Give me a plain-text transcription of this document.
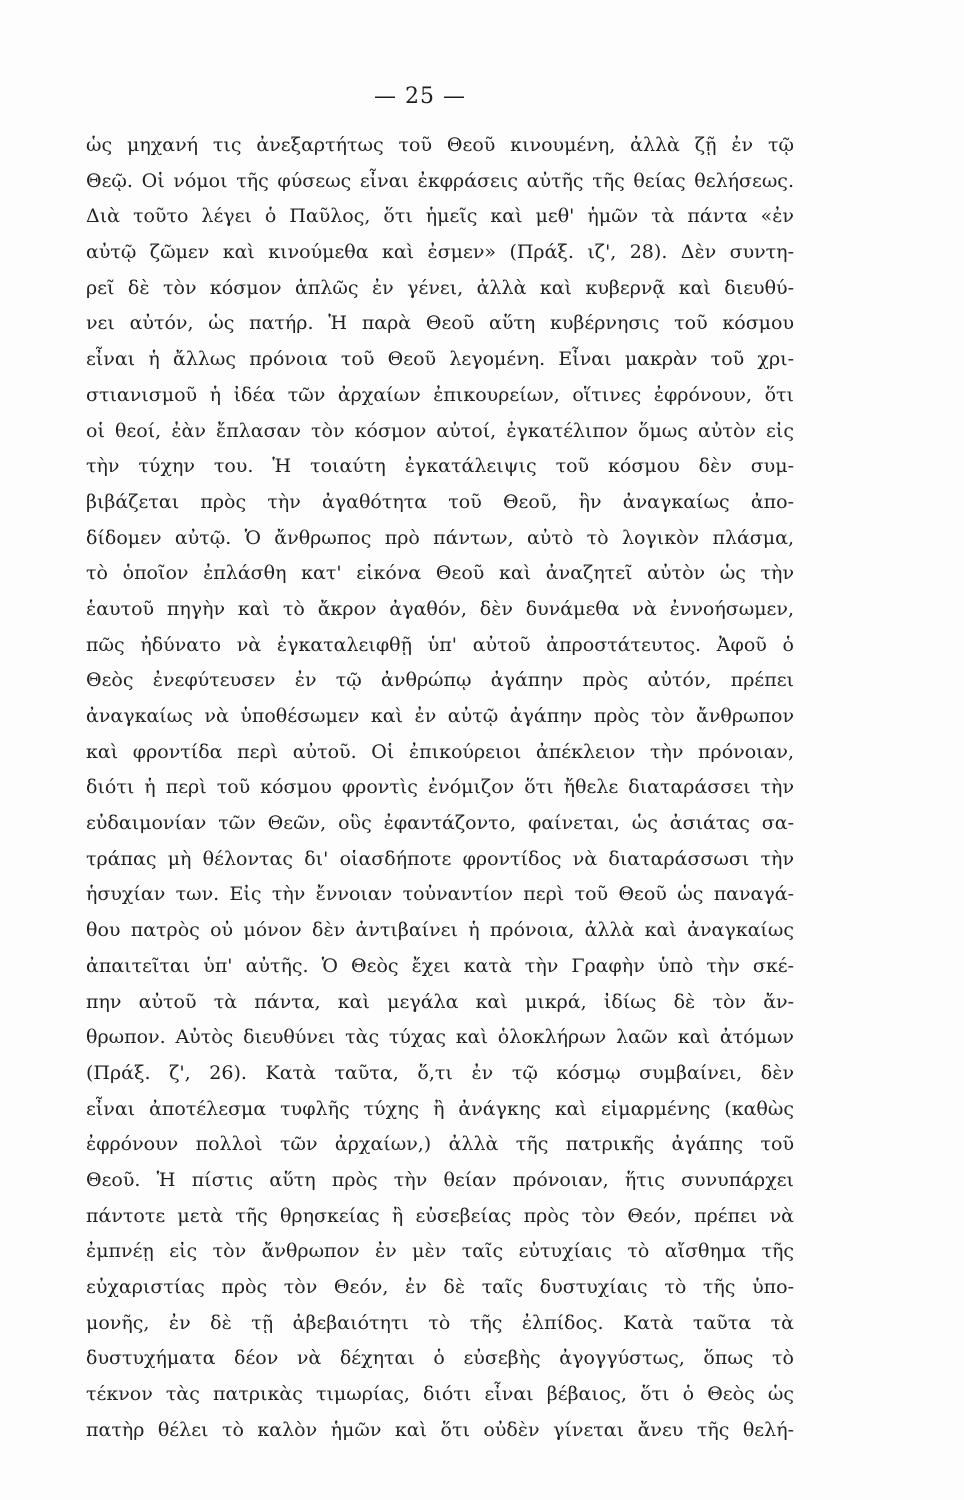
— 25 —
ὡς μηχανή τις ἀνεξαρτήτως τοῦ Θεοῦ κινουμένη, ἀλλὰ ζῇ ἐν τῷ
Θεῷ. Οἱ νόμοι τῆς φύσεως εἶναι ἐκφράσεις αὐτῆς τῆς θείας θελήσεως.
Διὰ τοῦτο λέγει ὁ Παῦλος, ὅτι ἡμεῖς καὶ μεθ' ἡμῶν τὰ πάντα «ἐν
αὐτῷ ζῶμεν καὶ κινούμεθα καὶ ἐσμεν» (Πράξ. ιζ', 28). Δὲν συντη-
ρεῖ δὲ τὸν κόσμον ἁπλῶς ἐν γένει, ἀλλὰ καὶ κυβερνᾷ καὶ διευθύ-
νει αὐτόν, ὡς πατήρ. Ἡ παρὰ Θεοῦ αὕτη κυβέρνησις τοῦ κόσμου
εἶναι ἡ ἄλλως πρόνοια τοῦ Θεοῦ λεγομένη. Εἶναι μακρὰν τοῦ χρι-
στιανισμοῦ ἡ ἰδέα τῶν ἀρχαίων ἐπικουρείων, οἵτινες ἐφρόνουν, ὅτι
οἱ θεοί, ἐὰν ἔπλασαν τὸν κόσμον αὐτοί, ἐγκατέλιπον ὅμως αὐτὸν εἰς
τὴν τύχην του. Ἡ τοιαύτη ἐγκατάλειψις τοῦ κόσμου δὲν συμ-
βιβάζεται πρὸς τὴν ἀγαθότητα τοῦ Θεοῦ, ἣν ἀναγκαίως ἀπο-
δίδομεν αὐτῷ. Ὁ ἄνθρωπος πρὸ πάντων, αὐτὸ τὸ λογικὸν πλάσμα,
τὸ ὁποῖον ἐπλάσθη κατ' εἰκόνα Θεοῦ καὶ ἀναζητεῖ αὐτὸν ὡς τὴν
ἑαυτοῦ πηγὴν καὶ τὸ ἄκρον ἀγαθόν, δὲν δυνάμεθα νὰ ἐννοήσωμεν,
πῶς ἠδύνατο νὰ ἐγκαταλειφθῇ ὑπ' αὐτοῦ ἀπροστάτευτος. Ἀφοῦ ὁ
Θεὸς ἐνεφύτευσεν ἐν τῷ ἀνθρώπῳ ἀγάπην πρὸς αὐτόν, πρέπει
ἀναγκαίως νὰ ὑποθέσωμεν καὶ ἐν αὐτῷ ἀγάπην πρὸς τὸν ἄνθρωπον
καὶ φροντίδα περὶ αὐτοῦ. Οἱ ἐπικούρειοι ἀπέκλειον τὴν πρόνοιαν,
διότι ἡ περὶ τοῦ κόσμου φροντὶς ἐνόμιζον ὅτι ἤθελε διαταράσσει τὴν
εὐδαιμονίαν τῶν Θεῶν, οὓς ἐφαντάζοντο, φαίνεται, ὡς ἀσιάτας σα-
τράπας μὴ θέλοντας δι' οἱασδήποτε φροντίδος νὰ διαταράσσωσι τὴν
ἡσυχίαν των. Εἰς τὴν ἔννοιαν τοὐναντίον περὶ τοῦ Θεοῦ ὡς παναγά-
θου πατρὸς οὐ μόνον δὲν ἀντιβαίνει ἡ πρόνοια, ἀλλὰ καὶ ἀναγκαίως
ἀπαιτεῖται ὑπ' αὐτῆς. Ὁ Θεὸς ἔχει κατὰ τὴν Γραφὴν ὑπὸ τὴν σκέ-
πην αὐτοῦ τὰ πάντα, καὶ μεγάλα καὶ μικρά, ἰδίως δὲ τὸν ἄν-
θρωπον. Αὐτὸς διευθύνει τὰς τύχας καὶ ὁλοκλήρων λαῶν καὶ ἀτόμων
(Πράξ. ζ', 26). Κατὰ ταῦτα, ὅ,τι ἐν τῷ κόσμῳ συμβαίνει, δὲν
εἶναι ἀποτέλεσμα τυφλῆς τύχης ἢ ἀνάγκης καὶ εἱμαρμένης (καθὼς
ἐφρόνουν πολλοὶ τῶν ἀρχαίων,) ἀλλὰ τῆς πατρικῆς ἀγάπης τοῦ
Θεοῦ. Ἡ πίστις αὕτη πρὸς τὴν θείαν πρόνοιαν, ἥτις συνυπάρχει
πάντοτε μετὰ τῆς θρησκείας ἢ εὐσεβείας πρὸς τὸν Θεόν, πρέπει νὰ
ἐμπνέῃ εἰς τὸν ἄνθρωπον ἐν μὲν ταῖς εὐτυχίαις τὸ αἴσθημα τῆς
εὐχαριστίας πρὸς τὸν Θεόν, ἐν δὲ ταῖς δυστυχίαις τὸ τῆς ὑπο-
μονῆς, ἐν δὲ τῇ ἀβεβαιότητι τὸ τῆς ἐλπίδος. Κατὰ ταῦτα τὰ
δυστυχήματα δέον νὰ δέχηται ὁ εὐσεβὴς ἀγογγύστως, ὅπως τὸ
τέκνον τὰς πατρικὰς τιμωρίας, διότι εἶναι βέβαιος, ὅτι ὁ Θεὸς ὡς
πατὴρ θέλει τὸ καλὸν ἡμῶν καὶ ὅτι οὐδὲν γίνεται ἄνευ τῆς θελή-
